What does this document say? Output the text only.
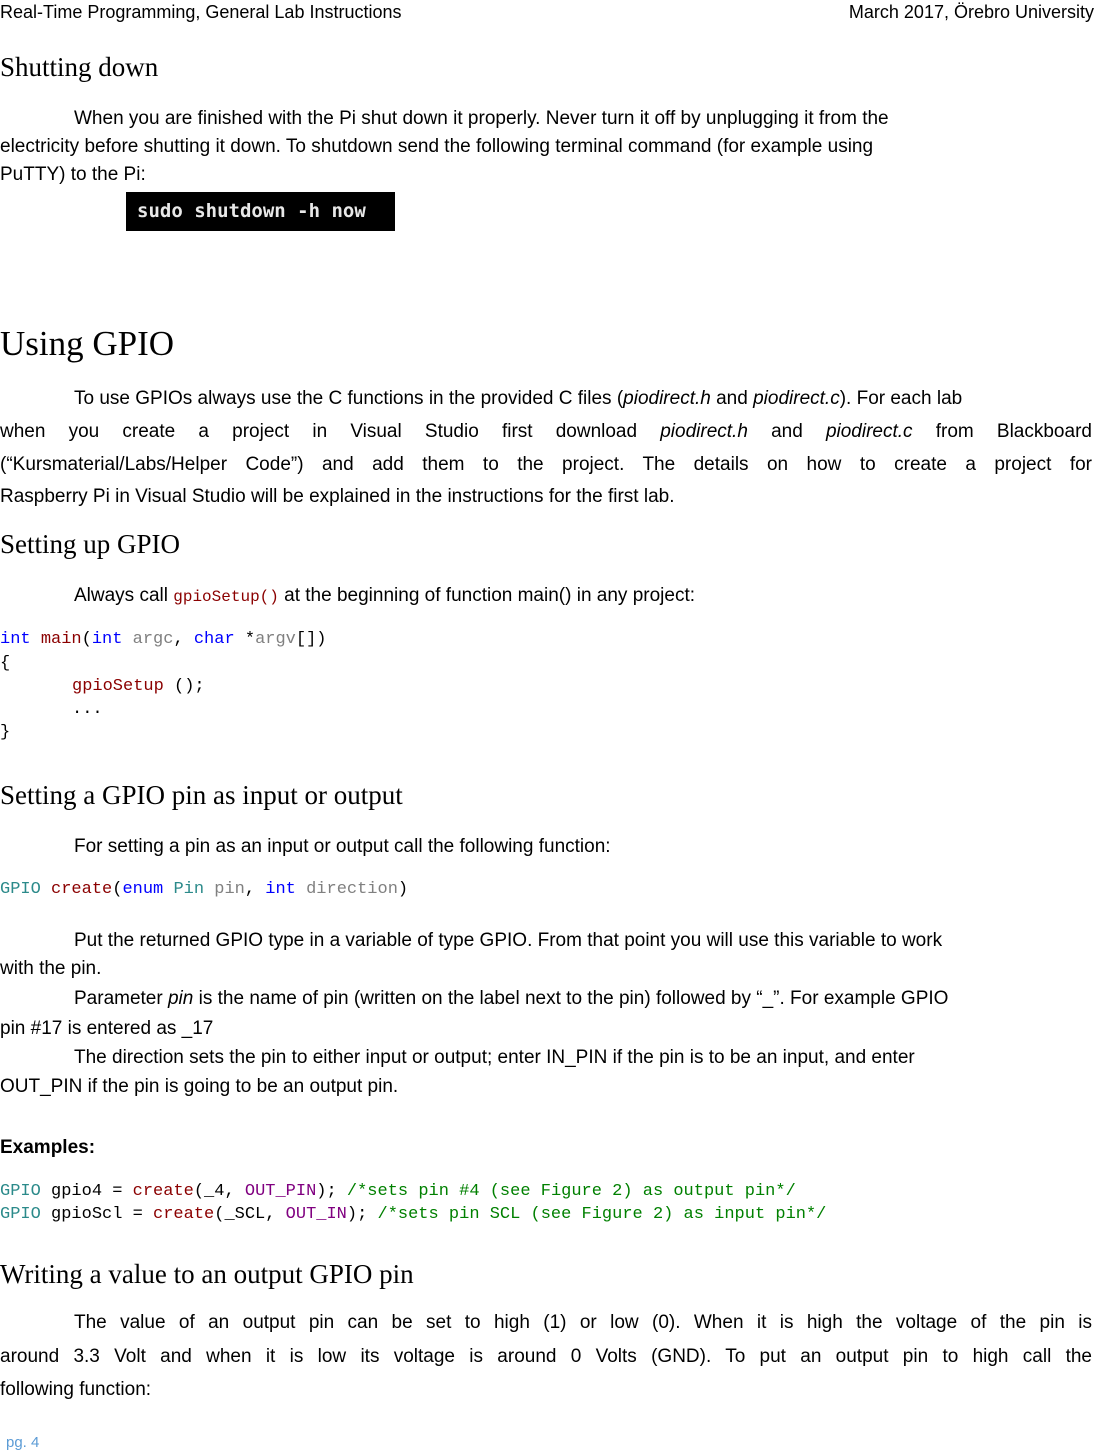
Real-Time Programming, General Lab Instructions	March 2017, Örebro University
Shutting down
When you are finished with the Pi shut down it properly. Never turn it off by unplugging it from the
electricity before shutting it down. To shutdown send the following terminal command (for example using
PuTTY) to the Pi:
sudo shutdown -h now
Using GPIO
To use GPIOs always use the C functions in the provided C files (piodirect.h and piodirect.c). For each lab
when you create a project in Visual Studio first download piodirect.h and piodirect.c from Blackboard
(“Kursmaterial/Labs/Helper Code”) and add them to the project. The details on how to create a project for
Raspberry Pi in Visual Studio will be explained in the instructions for the first lab.
Setting up GPIO
Always call gpioSetup() at the beginning of function main() in any project:
int main(int argc, char *argv[])
{
gpioSetup ();
...
}
Setting a GPIO pin as input or output
For setting a pin as an input or output call the following function:
GPIO create(enum Pin pin, int direction)
Put the returned GPIO type in a variable of type GPIO. From that point you will use this variable to work
with the pin.
Parameter pin is the name of pin (written on the label next to the pin) followed by “_”. For example GPIO
pin #17 is entered as _17
The direction sets the pin to either input or output; enter IN_PIN if the pin is to be an input, and enter
OUT_PIN if the pin is going to be an output pin.
Examples:
GPIO gpio4 = create(_4, OUT_PIN); /*sets pin #4 (see Figure 2) as output pin*/
GPIO gpioScl = create(_SCL, OUT_IN); /*sets pin SCL (see Figure 2) as input pin*/
Writing a value to an output GPIO pin
The value of an output pin can be set to high (1) or low (0). When it is high the voltage of the pin is
around 3.3 Volt and when it is low its voltage is around 0 Volts (GND). To put an output pin to high call the
following function:
pg. 4
